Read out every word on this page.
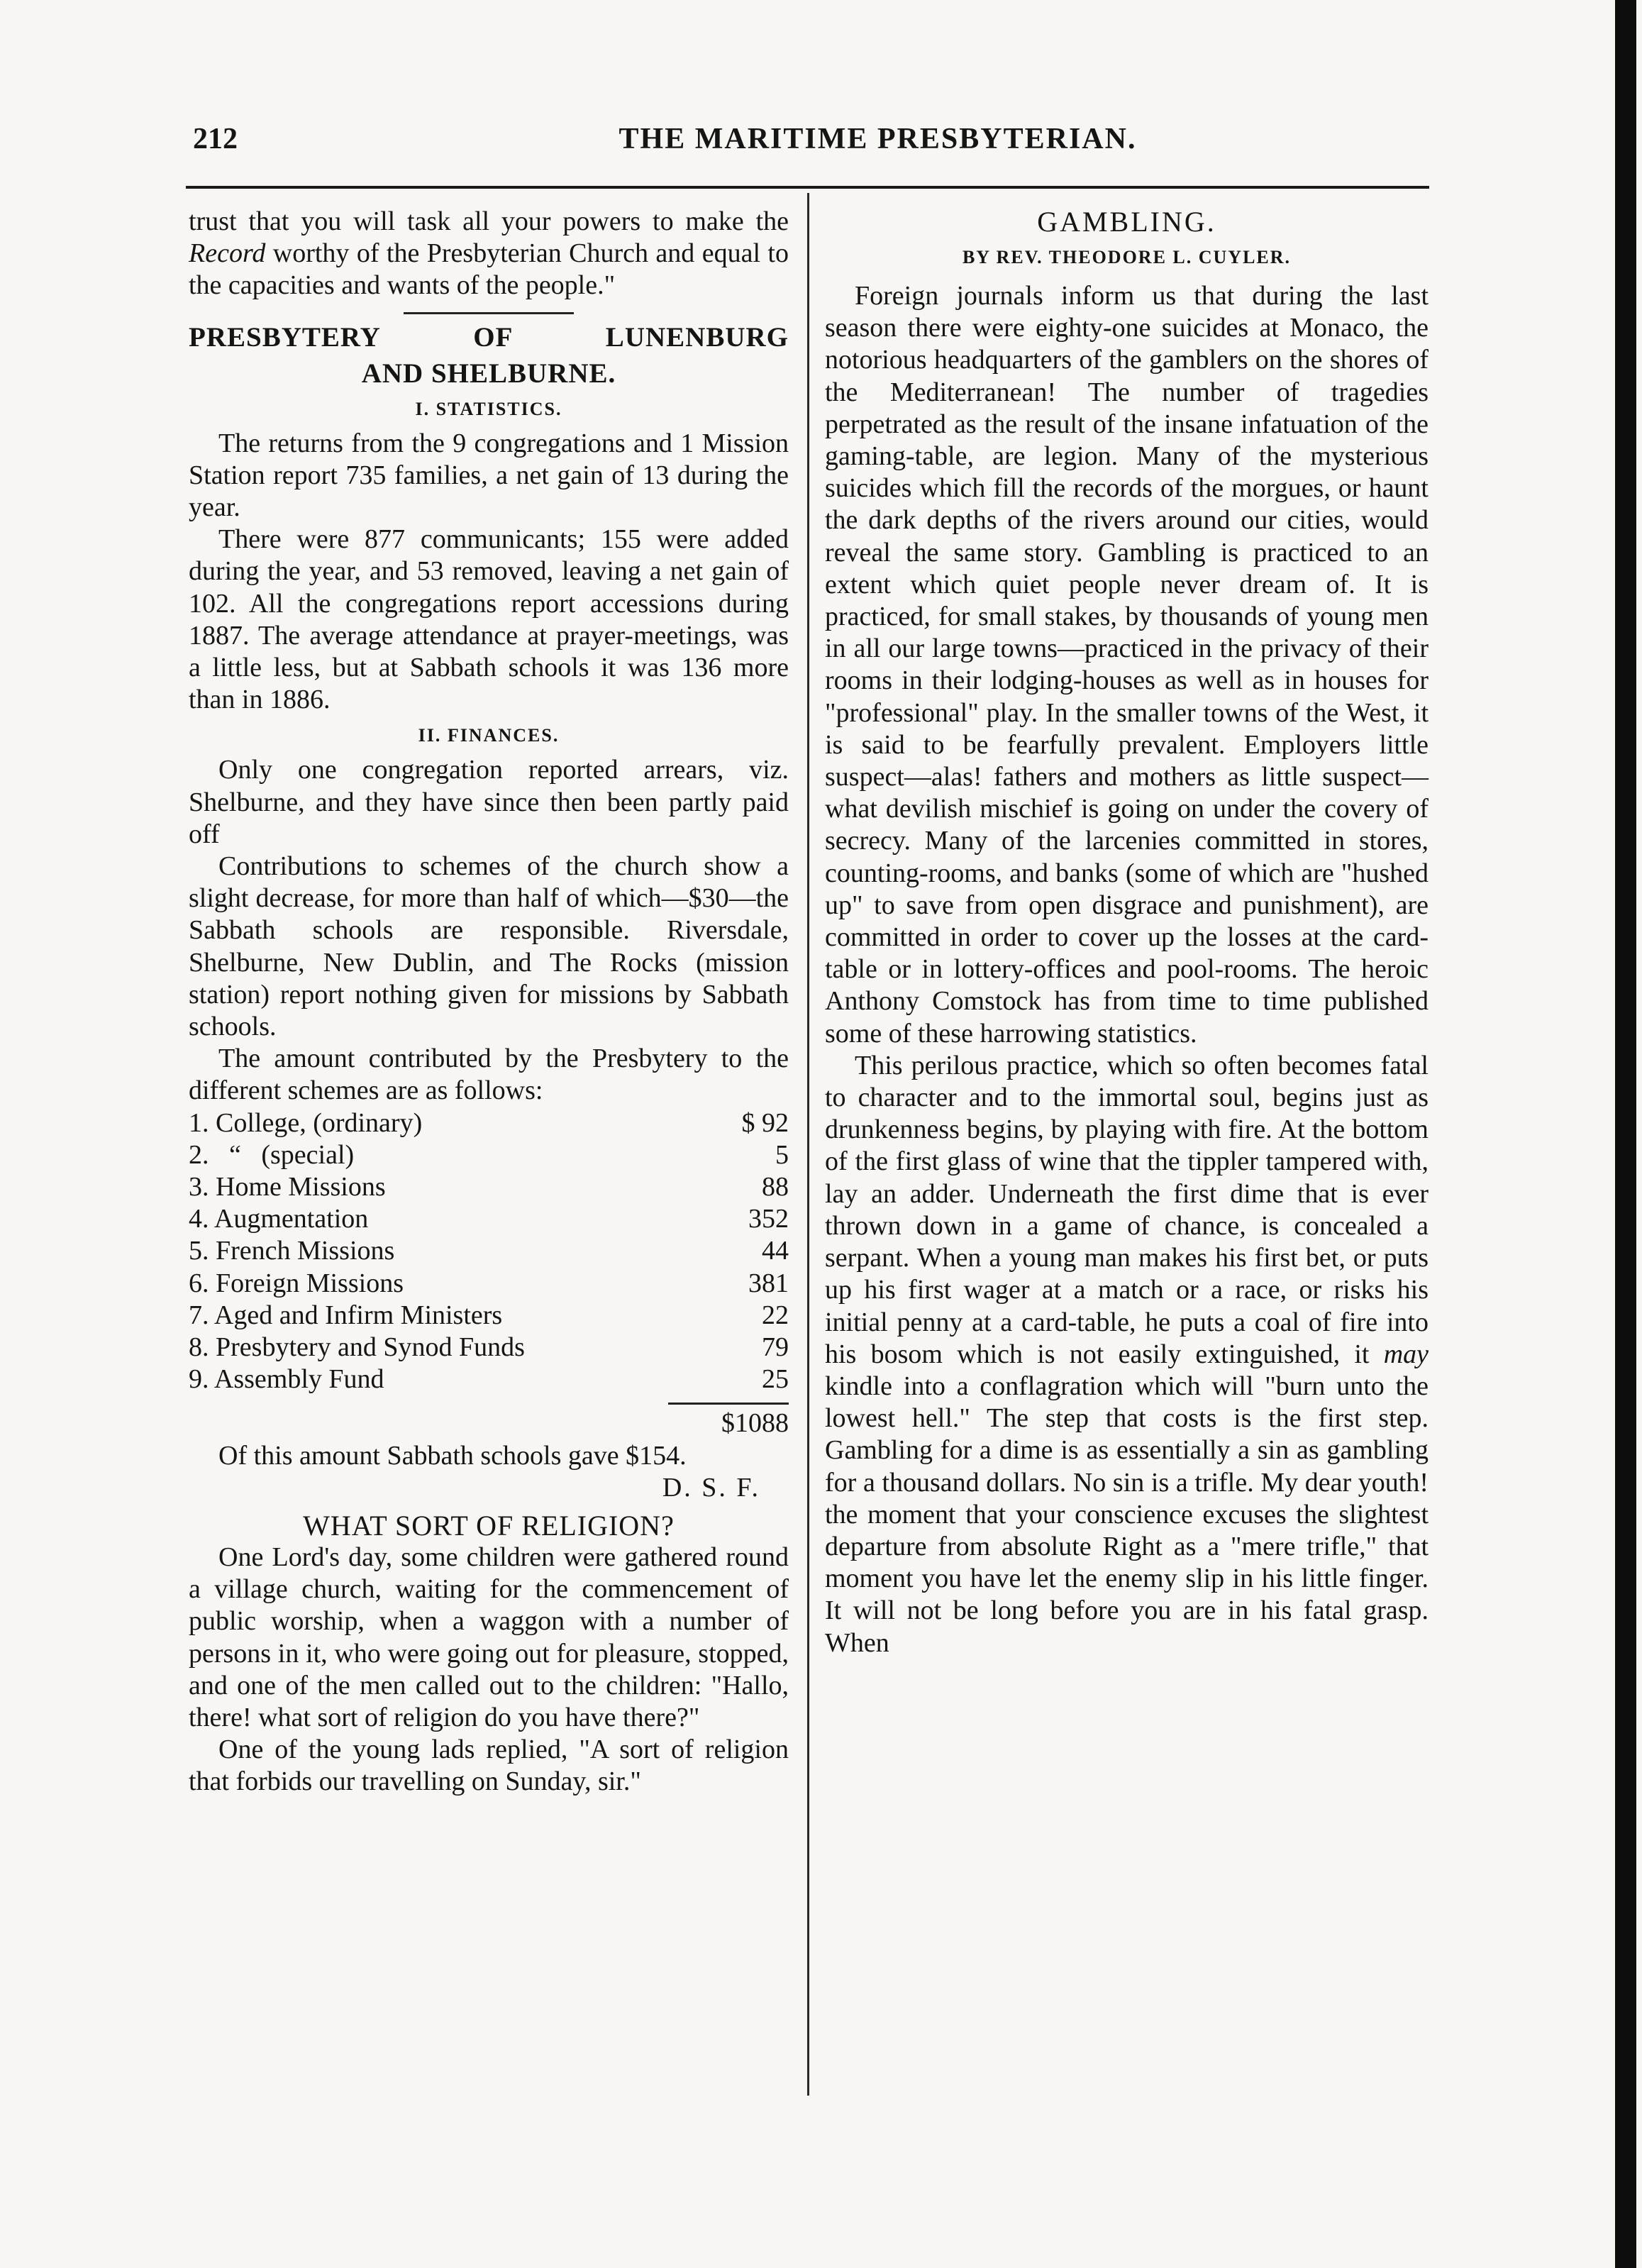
212	THE MARITIME PRESBYTERIAN.

trust that you will task all your powers to make the Record worthy of the Presbyterian Church and equal to the capacities and wants of the people."

PRESBYTERY OF LUNENBURG
AND SHELBURNE.
I. STATISTICS.

The returns from the 9 congregations and 1 Mission Station report 735 families, a net gain of 13 during the year.

There were 877 communicants; 155 were added during the year, and 53 removed, leaving a net gain of 102. All the congregations report accessions during 1887. The average attendance at prayer-meetings, was a little less, but at Sabbath schools it was 136 more than in 1886.

II. FINANCES.

Only one congregation reported arrears, viz. Shelburne, and they have since then been partly paid off

Contributions to schemes of the church show a slight decrease, for more than half of which—$30—the Sabbath schools are responsible. Riversdale, Shelburne, New Dublin, and The Rocks (mission station) report nothing given for missions by Sabbath schools.

The amount contributed by the Presbytery to the different schemes are as follows:

1. College, (ordinary)	$ 92
2.   “   (special)	5
3. Home Missions	88
4. Augmentation	352
5. French Missions	44
6. Foreign Missions	381
7. Aged and Infirm Ministers	22
8. Presbytery and Synod Funds	79
9. Assembly Fund	25
$1088

Of this amount Sabbath schools gave $154.

D. S. F.
WHAT SORT OF RELIGION?

One Lord's day, some children were gathered round a village church, waiting for the commencement of public worship, when a waggon with a number of persons in it, who were going out for pleasure, stopped, and one of the men called out to the children: "Hallo, there! what sort of religion do you have there?"

One of the young lads replied, "A sort of religion that forbids our travelling on Sunday, sir."

GAMBLING.
BY REV. THEODORE L. CUYLER.

Foreign journals inform us that during the last season there were eighty-one suicides at Monaco, the notorious headquarters of the gamblers on the shores of the Mediterranean! The number of tragedies perpetrated as the result of the insane infatuation of the gaming-table, are legion. Many of the mysterious suicides which fill the records of the morgues, or haunt the dark depths of the rivers around our cities, would reveal the same story. Gambling is practiced to an extent which quiet people never dream of. It is practiced, for small stakes, by thousands of young men in all our large towns—practiced in the privacy of their rooms in their lodging-houses as well as in houses for "professional" play. In the smaller towns of the West, it is said to be fearfully prevalent. Employers little suspect—alas! fathers and mothers as little suspect—what devilish mischief is going on under the covery of secrecy. Many of the larcenies committed in stores, counting-rooms, and banks (some of which are "hushed up" to save from open disgrace and punishment), are committed in order to cover up the losses at the card-table or in lottery-offices and pool-rooms. The heroic Anthony Comstock has from time to time published some of these harrowing statistics.

This perilous practice, which so often becomes fatal to character and to the immortal soul, begins just as drunkenness begins, by playing with fire. At the bottom of the first glass of wine that the tippler tampered with, lay an adder. Underneath the first dime that is ever thrown down in a game of chance, is concealed a serpant. When a young man makes his first bet, or puts up his first wager at a match or a race, or risks his initial penny at a card-table, he puts a coal of fire into his bosom which is not easily extinguished, it may kindle into a conflagration which will "burn unto the lowest hell." The step that costs is the first step. Gambling for a dime is as essentially a sin as gambling for a thousand dollars. No sin is a trifle. My dear youth! the moment that your conscience excuses the slightest departure from absolute Right as a "mere trifle," that moment you have let the enemy slip in his little finger. It will not be long before you are in his fatal grasp. When
